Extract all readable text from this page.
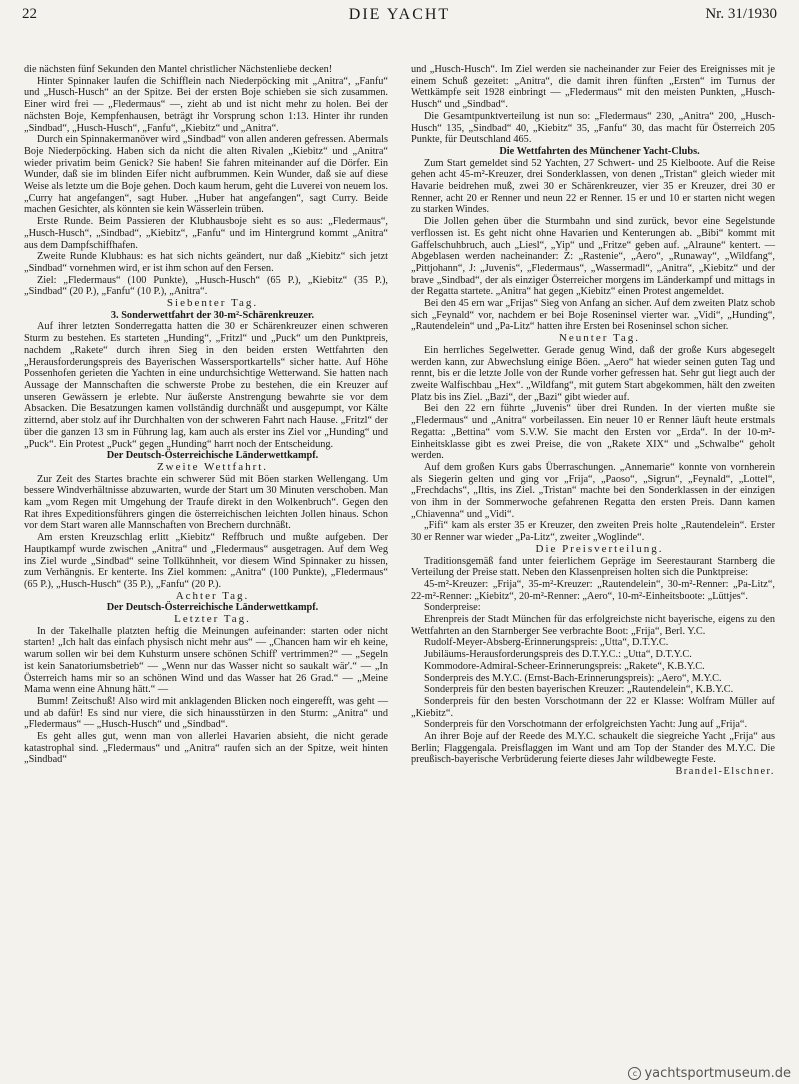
22	DIE YACHT	Nr. 31/1930

die nächsten fünf Sekunden den Mantel christlicher Nächstenliebe decken!

Hinter Spinnaker laufen die Schifflein nach Niederpöcking mit „Anitra“, „Fanfu“ und „Husch-Husch“ an der Spitze. Bei der ersten Boje schieben sie sich zusammen. Einer wird frei — „Fledermaus“ —, zieht ab und ist nicht mehr zu holen. Bei der nächsten Boje, Kempfenhausen, beträgt ihr Vorsprung schon 1:13. Hinter ihr runden „Sindbad“, „Husch-Husch“, „Fanfu“, „Kiebitz“ und „Anitra“.

Durch ein Spinnakermanöver wird „Sindbad“ von allen anderen gefressen. Abermals Boje Niederpöcking. Haben sich da nicht die alten Rivalen „Kiebitz“ und „Anitra“ wieder privatim beim Genick? Sie haben! Sie fahren miteinander auf die Dörfer. Ein Wunder, daß sie im blinden Eifer nicht aufbrummen. Kein Wunder, daß sie auf diese Weise als letzte um die Boje gehen. Doch kaum herum, geht die Luverei von neuem los. „Curry hat angefangen“, sagt Huber. „Huber hat angefangen“, sagt Curry. Beide machen Gesichter, als könnten sie kein Wässerlein trüben.

Erste Runde. Beim Passieren der Klubhausboje sieht es so aus: „Fledermaus“, „Husch-Husch“, „Sindbad“, „Kiebitz“, „Fanfu“ und im Hintergrund kommt „Anitra“ aus dem Dampfschiffhafen.

Zweite Runde Klubhaus: es hat sich nichts geändert, nur daß „Kiebitz“ sich jetzt „Sindbad“ vornehmen wird, er ist ihm schon auf den Fersen.

Ziel: „Fledermaus“ (100 Punkte), „Husch-Husch“ (65 P.), „Kiebitz“ (35 P.), „Sindbad“ (20 P.), „Fanfu“ (10 P.), „Anitra“.

Siebenter Tag.

3. Sonderwettfahrt der 30-m²-Schärenkreuzer.

Auf ihrer letzten Sonderregatta hatten die 30 er Schärenkreuzer einen schweren Sturm zu bestehen. Es starteten „Hunding“, „Fritzl“ und „Puck“ um den Punktpreis, nachdem „Rakete“ durch ihren Sieg in den beiden ersten Wettfahrten den „Herausforderungspreis des Bayerischen Wassersportkartells“ sicher hatte. Auf Höhe Possenhofen gerieten die Yachten in eine undurchsichtige Wetterwand. Sie hatten nach Aussage der Mannschaften die schwerste Probe zu bestehen, die ein Kreuzer auf unseren Gewässern je erlebte. Nur äußerste Anstrengung bewahrte sie vor dem Absacken. Die Besatzungen kamen vollständig durchnäßt und ausgepumpt, vor Kälte zitternd, aber stolz auf ihr Durchhalten von der schweren Fahrt nach Hause. „Fritzl“ der über die ganzen 13 sm in Führung lag, kam auch als erster ins Ziel vor „Hunding“ und „Puck“. Ein Protest „Puck“ gegen „Hunding“ harrt noch der Entscheidung.

Der Deutsch-Österreichische Länderwettkampf.

Zweite Wettfahrt.

Zur Zeit des Startes brachte ein schwerer Süd mit Böen starken Wellengang. Um bessere Windverhältnisse abzuwarten, wurde der Start um 30 Minuten verschoben. Man kam „vom Regen mit Umgehung der Traufe direkt in den Wolkenbruch“. Gegen den Rat ihres Expeditionsführers gingen die österreichischen leichten Jollen hinaus. Schon vor dem Start waren alle Mannschaften von Brechern durchnäßt.

Am ersten Kreuzschlag erlitt „Kiebitz“ Reffbruch und mußte aufgeben. Der Hauptkampf wurde zwischen „Anitra“ und „Fledermaus“ ausgetragen. Auf dem Weg ins Ziel wurde „Sindbad“ seine Tollkühnheit, vor diesem Wind Spinnaker zu hissen, zum Verhängnis. Er kenterte. Ins Ziel kommen: „Anitra“ (100 Punkte), „Fledermaus“ (65 P.), „Husch-Husch“ (35 P.), „Fanfu“ (20 P.).

Achter Tag.

Der Deutsch-Österreichische Länderwettkampf.

Letzter Tag.

In der Takelhalle platzten heftig die Meinungen aufeinander: starten oder nicht starten! „Ich halt das einfach physisch nicht mehr aus“ — „Chancen ham wir eh keine, warum sollen wir bei dem Kuhsturm unsere schönen Schiff' vertrimmen?“ — „Segeln ist kein Sanatoriumsbetrieb“ — „Wenn nur das Wasser nicht so saukalt wär'.“ — „In Österreich hams mir so an schönen Wind und das Wasser hat 26 Grad.“ — „Meine Mama wenn eine Ahnung hätt.“ —

Bumm! Zeitschuß! Also wird mit anklagenden Blicken noch eingerefft, was geht — und ab dafür! Es sind nur viere, die sich hinausstürzen in den Sturm: „Anitra“ und „Fledermaus“ — „Husch-Husch“ und „Sindbad“.

Es geht alles gut, wenn man von allerlei Havarien absieht, die nicht gerade katastrophal sind. „Fledermaus“ und „Anitra“ raufen sich an der Spitze, weit hinten „Sindbad“

und „Husch-Husch“. Im Ziel werden sie nacheinander zur Feier des Ereignisses mit je einem Schuß gezeitet: „Anitra“, die damit ihren fünften „Ersten“ im Turnus der Wettkämpfe seit 1928 einbringt — „Fledermaus“ mit den meisten Punkten, „Husch-Husch“ und „Sindbad“.

Die Gesamtpunktverteilung ist nun so: „Fledermaus“ 230, „Anitra“ 200, „Husch-Husch“ 135, „Sindbad“ 40, „Kiebitz“ 35, „Fanfu“ 30, das macht für Österreich 205 Punkte, für Deutschland 465.

Die Wettfahrten des Münchener Yacht-Clubs.

Zum Start gemeldet sind 52 Yachten, 27 Schwert- und 25 Kielboote. Auf die Reise gehen acht 45-m²-Kreuzer, drei Sonderklassen, von denen „Tristan“ gleich wieder mit Havarie beidrehen muß, zwei 30 er Schärenkreuzer, vier 35 er Kreuzer, drei 30 er Renner, acht 20 er Renner und neun 22 er Renner. 15 er und 10 er starten nicht wegen zu starken Windes.

Die Jollen gehen über die Sturmbahn und sind zurück, bevor eine Segelstunde verflossen ist. Es geht nicht ohne Havarien und Kenterungen ab. „Bibi“ kommt mit Gaffelschuhbruch, auch „Liesl“, „Yip“ und „Fritze“ geben auf. „Alraune“ kentert. — Abgeblasen werden nacheinander: Z: „Rastenie“, „Aero“, „Runaway“, „Wildfang“, „Pittjohann“, J: „Juvenis“, „Fledermaus“, „Wassermadl“, „Anitra“, „Kiebitz“ und der brave „Sindbad“, der als einziger Österreicher morgens im Länderkampf und mittags in der Regatta startete. „Anitra“ hat gegen „Kiebitz“ einen Protest angemeldet.

Bei den 45 ern war „Frijas“ Sieg von Anfang an sicher. Auf dem zweiten Platz schob sich „Feynald“ vor, nachdem er bei Boje Roseninsel vierter war. „Vidi“, „Hunding“, „Rautendelein“ und „Pa-Litz“ hatten ihre Ersten bei Roseninsel schon sicher.

Neunter Tag.

Ein herrliches Segelwetter. Gerade genug Wind, daß der große Kurs abgesegelt werden kann, zur Abwechslung einige Böen. „Aero“ hat wieder seinen guten Tag und rennt, bis er die letzte Jolle von der Runde vorher gefressen hat. Sehr gut liegt auch der zweite Walfischbau „Hex“. „Wildfang“, mit gutem Start abgekommen, hält den zweiten Platz bis ins Ziel. „Bazi“, der „Bazi“ gibt wieder auf.

Bei den 22 ern führte „Juvenis“ über drei Runden. In der vierten mußte sie „Fledermaus“ und „Anitra“ vorbeilassen. Ein neuer 10 er Renner läuft heute erstmals Regatta: „Bettina“ vom S.V.W. Sie macht den Ersten vor „Erda“. In der 10-m²-Einheitsklasse gibt es zwei Preise, die von „Rakete XIX“ und „Schwalbe“ geholt werden.

Auf dem großen Kurs gabs Überraschungen. „Annemarie“ konnte von vornherein als Siegerin gelten und ging vor „Frija“, „Paoso“, „Sigrun“, „Feynald“, „Lottel“, „Frechdachs“, „Iltis, ins Ziel. „Tristan“ machte bei den Sonderklassen in der einzigen von ihm in der Sommerwoche gefahrenen Regatta den ersten Preis. Dann kamen „Chiavenna“ und „Vidi“.

„Fifi“ kam als erster 35 er Kreuzer, den zweiten Preis holte „Rautendelein“. Erster 30 er Renner war wieder „Pa-Litz“, zweiter „Woglinde“.

Die Preisverteilung.

Traditionsgemäß fand unter feierlichem Gepräge im Seerestaurant Starnberg die Verteilung der Preise statt. Neben den Klassenpreisen holten sich die Punktpreise:

45-m²-Kreuzer: „Frija“, 35-m²-Kreuzer: „Rautendelein“, 30-m²-Renner: „Pa-Litz“, 22-m²-Renner: „Kiebitz“, 20-m²-Renner: „Aero“, 10-m²-Einheitsboote: „Lüttjes“.

Sonderpreise:

Ehrenpreis der Stadt München für das erfolgreichste nicht bayerische, eigens zu den Wettfahrten an den Starnberger See verbrachte Boot: „Frija“, Berl. Y.C.

Rudolf-Meyer-Absberg-Erinnerungspreis: „Utta“, D.T.Y.C.

Jubiläums-Herausforderungspreis des D.T.Y.C.: „Utta“, D.T.Y.C.

Kommodore-Admiral-Scheer-Erinnerungspreis: „Rakete“, K.B.Y.C.

Sonderpreis des M.Y.C. (Ernst-Bach-Erinnerungspreis): „Aero“, M.Y.C.

Sonderpreis für den besten bayerischen Kreuzer: „Rautendelein“, K.B.Y.C.

Sonderpreis für den besten Vorschotmann der 22 er Klasse: Wolfram Müller auf „Kiebitz“.

Sonderpreis für den Vorschotmann der erfolgreichsten Yacht: Jung auf „Frija“.

An ihrer Boje auf der Reede des M.Y.C. schaukelt die siegreiche Yacht „Frija“ aus Berlin; Flaggengala. Preisflaggen im Want und am Top der Stander des M.Y.C. Die preußisch-bayerische Verbrüderung feierte dieses Jahr wildbewegte Feste.

Brandel-Elschner.

c yachtsportmuseum.de
